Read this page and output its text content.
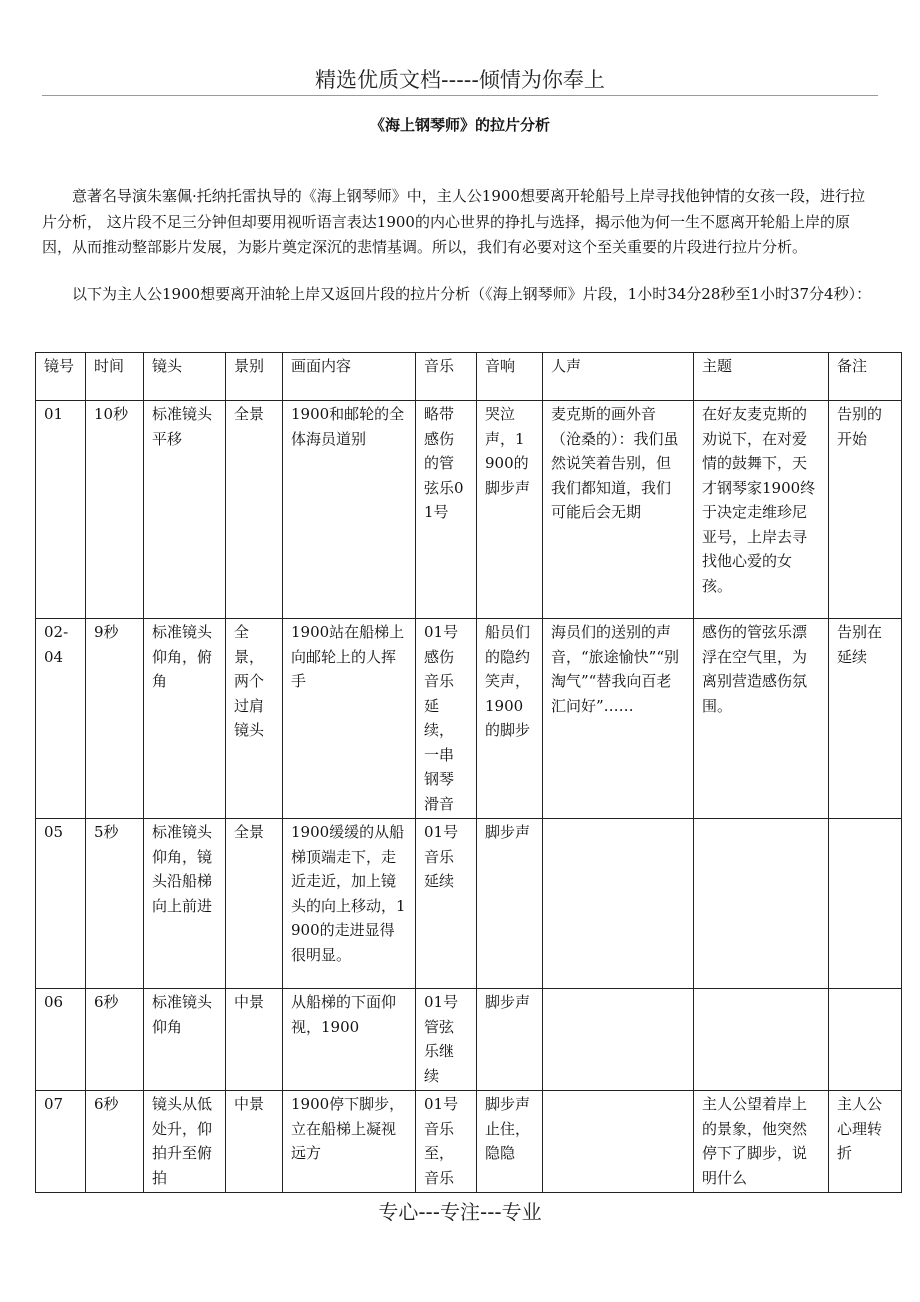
精选优质文档-----倾情为你奉上
《海上钢琴师》的拉片分析

意著名导演朱塞佩·托纳托雷执导的《海上钢琴师》中，主人公1900想要离开轮船号上岸寻找他钟情的女孩一段，进行拉片分析， 这片段不足三分钟但却要用视听语言表达1900的内心世界的挣扎与选择，揭示他为何一生不愿离开轮船上岸的原因，从而推动整部影片发展，为影片奠定深沉的悲情基调。所以，我们有必要对这个至关重要的片段进行拉片分析。

以下为主人公1900想要离开油轮上岸又返回片段的拉片分析（《海上钢琴师》片段，1小时34分28秒至1小时37分4秒）：

镜号	时间	镜头	景别	画面内容	音乐	音响	人声	主题	备注
01	10秒	标准镜头平移	全景	1900和邮轮的全体海员道别	略带感伤的管弦乐01号	哭泣声，1900的脚步声	麦克斯的画外音（沧桑的）：我们虽然说笑着告别，但我们都知道，我们可能后会无期	在好友麦克斯的劝说下，在对爱情的鼓舞下，天才钢琴家1900终于决定走维珍尼亚号，上岸去寻找他心爱的女孩。	告别的开始
02-04	9秒	标准镜头仰角，俯角	全景，两个过肩镜头	1900站在船梯上向邮轮上的人挥手	01号感伤音乐延续，一串钢琴滑音	船员们的隐约笑声，1900的脚步	海员们的送别的声音，“旅途愉快”“别淘气”“替我向百老汇问好”……	感伤的管弦乐漂浮在空气里，为离别营造感伤氛围。	告别在延续
05	5秒	标准镜头仰角，镜头沿船梯向上前进	全景	1900缓缓的从船梯顶端走下，走近走近，加上镜头的向上移动，1900的走进显得很明显。	01号音乐延续	脚步声			
06	6秒	标准镜头仰角	中景	从船梯的下面仰视，1900	01号管弦乐继续	脚步声			
07	6秒	镜头从低处升，仰拍升至俯拍	中景	1900停下脚步，立在船梯上凝视远方	01号音乐至，音乐	脚步声止住，隐隐		主人公望着岸上的景象，他突然停下了脚步，说明什么	主人公心理转折
专心---专注---专业
